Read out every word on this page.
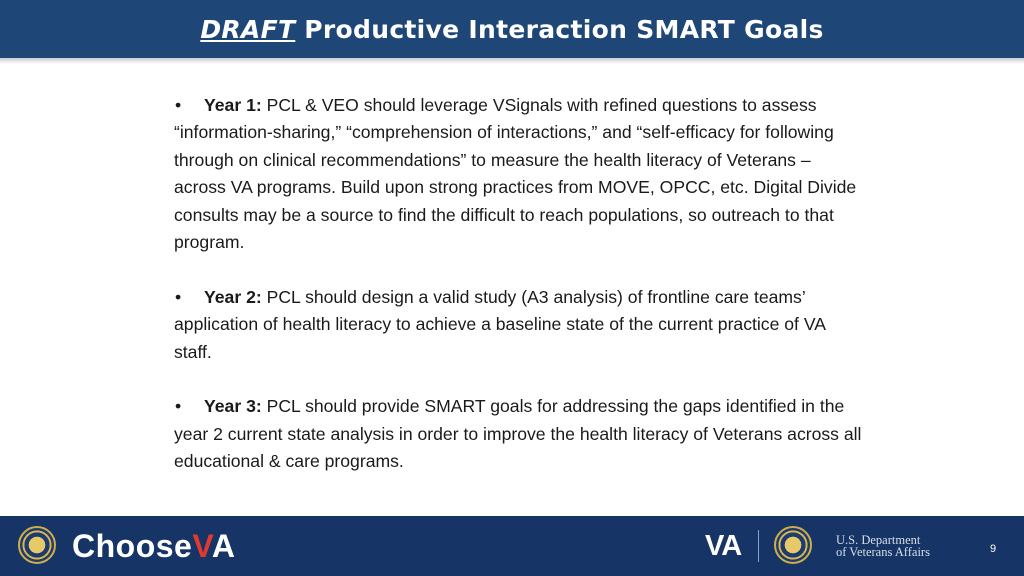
DRAFT Productive Interaction SMART Goals

• Year 1: PCL & VEO should leverage VSignals with refined questions to assess “information-sharing,” “comprehension of interactions,” and “self-efficacy for following through on clinical recommendations” to measure the health literacy of Veterans – across VA programs. Build upon strong practices from MOVE, OPCC, etc. Digital Divide consults may be a source to find the difficult to reach populations, so outreach to that program.

• Year 2: PCL should design a valid study (A3 analysis) of frontline care teams’ application of health literacy to achieve a baseline state of the current practice of VA staff.

• Year 3: PCL should provide SMART goals for addressing the gaps identified in the year 2 current state analysis in order to improve the health literacy of Veterans across all educational & care programs.

ChooseVA	VA	U.S. Department
of Veterans Affairs	9
